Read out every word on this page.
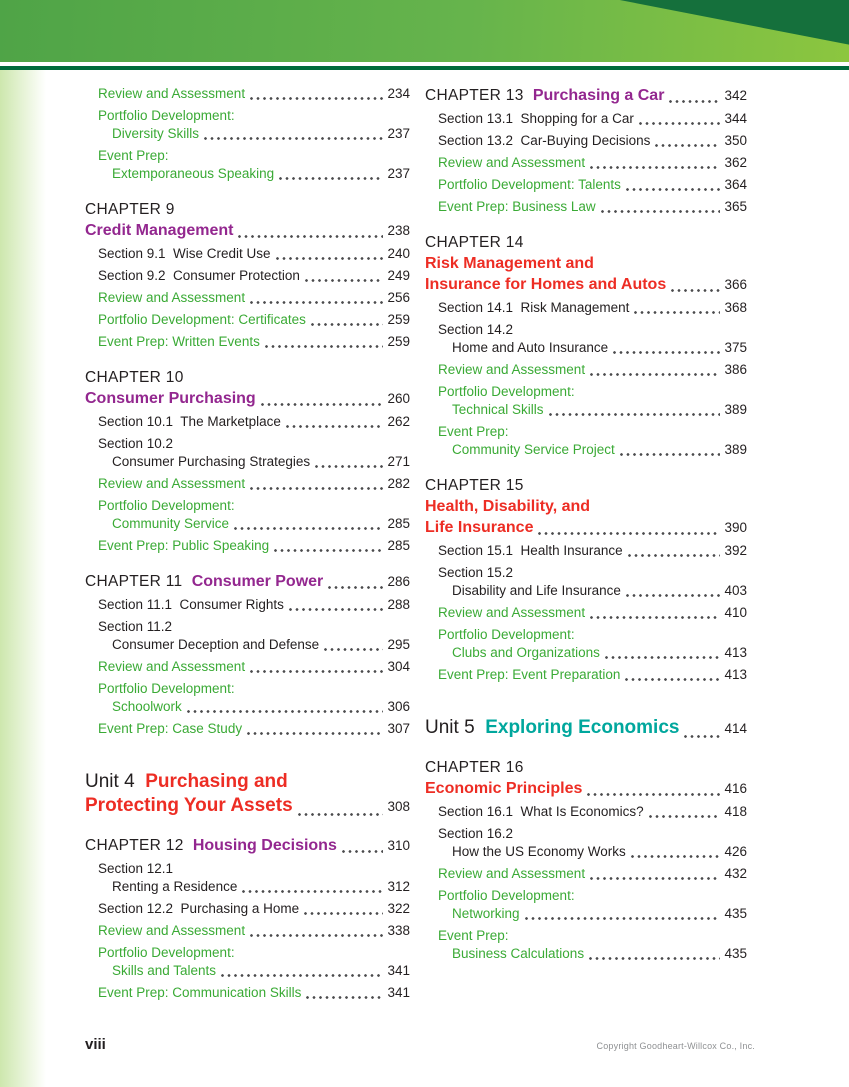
Review and Assessment	234
Portfolio Development:
Diversity Skills	237
Event Prep:
Extemporaneous Speaking	237
CHAPTER 9
Credit Management	238
Section 9.1  Wise Credit Use	240
Section 9.2  Consumer Protection	249
Review and Assessment	256
Portfolio Development: Certificates	259
Event Prep: Written Events	259
CHAPTER 10
Consumer Purchasing	260
Section 10.1  The Marketplace	262
Section 10.2
Consumer Purchasing Strategies	271
Review and Assessment	282
Portfolio Development:
Community Service	285
Event Prep: Public Speaking	285
CHAPTER 11  Consumer Power	286
Section 11.1  Consumer Rights	288
Section 11.2
Consumer Deception and Defense	295
Review and Assessment	304
Portfolio Development:
Schoolwork	306
Event Prep: Case Study	307
Unit 4  Purchasing and
Protecting Your Assets	308
CHAPTER 12  Housing Decisions	310
Section 12.1
Renting a Residence	312
Section 12.2  Purchasing a Home	322
Review and Assessment	338
Portfolio Development:
Skills and Talents	341
Event Prep: Communication Skills	341
CHAPTER 13  Purchasing a Car	342
Section 13.1  Shopping for a Car	344
Section 13.2  Car-Buying Decisions	350
Review and Assessment	362
Portfolio Development: Talents	364
Event Prep: Business Law	365
CHAPTER 14
Risk Management and
Insurance for Homes and Autos	366
Section 14.1  Risk Management	368
Section 14.2
Home and Auto Insurance	375
Review and Assessment	386
Portfolio Development:
Technical Skills	389
Event Prep:
Community Service Project	389
CHAPTER 15
Health, Disability, and
Life Insurance	390
Section 15.1  Health Insurance	392
Section 15.2
Disability and Life Insurance	403
Review and Assessment	410
Portfolio Development:
Clubs and Organizations	413
Event Prep: Event Preparation	413
Unit 5  Exploring Economics	414
CHAPTER 16
Economic Principles	416
Section 16.1  What Is Economics?	418
Section 16.2
How the US Economy Works	426
Review and Assessment	432
Portfolio Development:
Networking	435
Event Prep:
Business Calculations	435
viii	Copyright Goodheart-Willcox Co., Inc.
